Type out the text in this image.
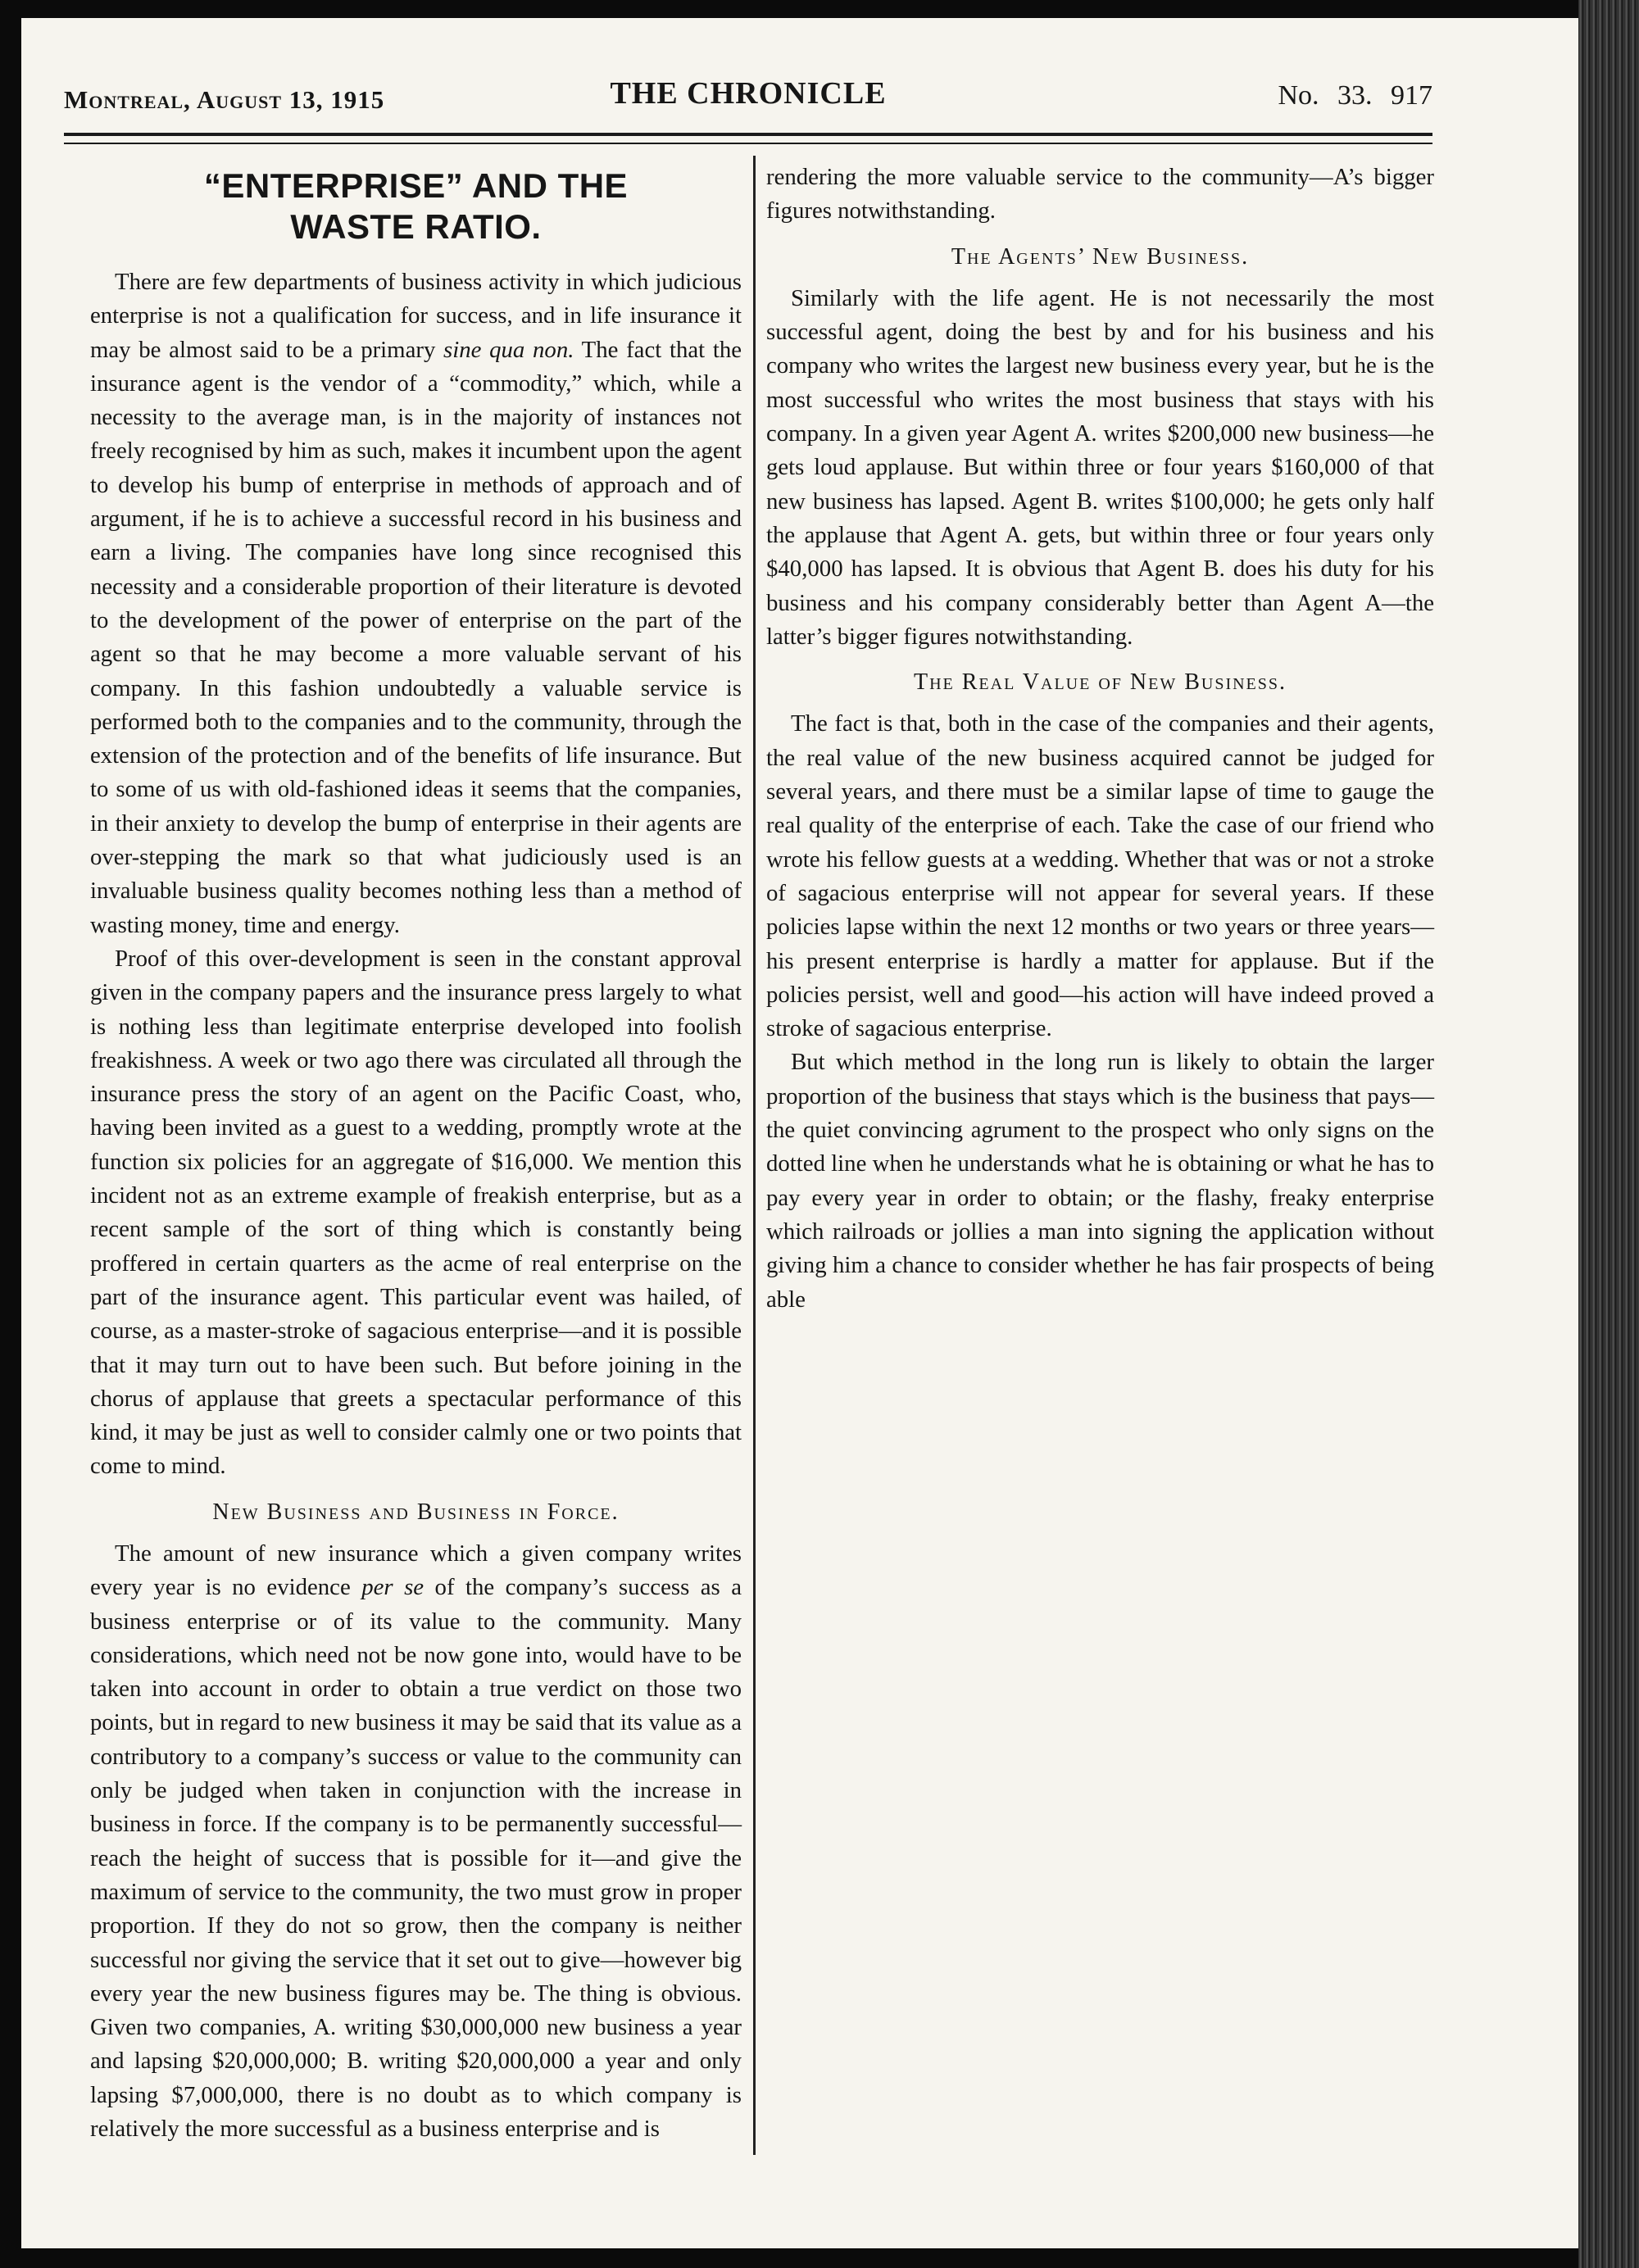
Montreal, August 13, 1915	THE CHRONICLE	No. 33. 917
“ENTERPRISE” AND THE
WASTE RATIO.

There are few departments of business activity in which judicious enterprise is not a qualification for success, and in life insurance it may be almost said to be a primary sine qua non. The fact that the insurance agent is the vendor of a “commodity,” which, while a necessity to the average man, is in the majority of instances not freely recognised by him as such, makes it incumbent upon the agent to develop his bump of enterprise in methods of approach and of argument, if he is to achieve a successful record in his business and earn a living. The companies have long since recognised this necessity and a considerable proportion of their literature is devoted to the development of the power of enterprise on the part of the agent so that he may become a more valuable servant of his company. In this fashion undoubtedly a valuable service is performed both to the companies and to the community, through the extension of the protection and of the benefits of life insurance. But to some of us with old-fashioned ideas it seems that the companies, in their anxiety to develop the bump of enterprise in their agents are over-stepping the mark so that what judiciously used is an invaluable business quality becomes nothing less than a method of wasting money, time and energy.

Proof of this over-development is seen in the constant approval given in the company papers and the insurance press largely to what is nothing less than legitimate enterprise developed into foolish freakishness. A week or two ago there was circulated all through the insurance press the story of an agent on the Pacific Coast, who, having been invited as a guest to a wedding, promptly wrote at the function six policies for an aggregate of $16,000. We mention this incident not as an extreme example of freakish enterprise, but as a recent sample of the sort of thing which is constantly being proffered in certain quarters as the acme of real enterprise on the part of the insurance agent. This particular event was hailed, of course, as a master-stroke of sagacious enterprise—and it is possible that it may turn out to have been such. But before joining in the chorus of applause that greets a spectacular performance of this kind, it may be just as well to consider calmly one or two points that come to mind.

New Business and Business in Force.

The amount of new insurance which a given company writes every year is no evidence per se of the company’s success as a business enterprise or of its value to the community. Many considerations, which need not be now gone into, would have to be taken into account in order to obtain a true verdict on those two points, but in regard to new business it may be said that its value as a contributory to a company’s success or value to the community can only be judged when taken in conjunction with the increase in business in force. If the company is to be permanently successful—reach the height of success that is possible for it—and give the maximum of service to the community, the two must grow in proper proportion. If they do not so grow, then the company is neither successful nor giving the service that it set out to give—however big every year the new business figures may be. The thing is obvious. Given two companies, A. writing $30,000,000 new business a year and lapsing $20,000,000; B. writing $20,000,000 a year and only lapsing $7,000,000, there is no doubt as to which company is relatively the more successful as a business enterprise and is

rendering the more valuable service to the community—A’s bigger figures notwithstanding.

The Agents’ New Business.

Similarly with the life agent. He is not necessarily the most successful agent, doing the best by and for his business and his company who writes the largest new business every year, but he is the most successful who writes the most business that stays with his company. In a given year Agent A. writes $200,000 new business—he gets loud applause. But within three or four years $160,000 of that new business has lapsed. Agent B. writes $100,000; he gets only half the applause that Agent A. gets, but within three or four years only $40,000 has lapsed. It is obvious that Agent B. does his duty for his business and his company considerably better than Agent A—the latter’s bigger figures notwithstanding.

The Real Value of New Business.

The fact is that, both in the case of the companies and their agents, the real value of the new business acquired cannot be judged for several years, and there must be a similar lapse of time to gauge the real quality of the enterprise of each. Take the case of our friend who wrote his fellow guests at a wedding. Whether that was or not a stroke of sagacious enterprise will not appear for several years. If these policies lapse within the next 12 months or two years or three years—his present enterprise is hardly a matter for applause. But if the policies persist, well and good—his action will have indeed proved a stroke of sagacious enterprise.

But which method in the long run is likely to obtain the larger proportion of the business that stays which is the business that pays—the quiet convincing agrument to the prospect who only signs on the dotted line when he understands what he is obtaining or what he has to pay every year in order to obtain; or the flashy, freaky enterprise which railroads or jollies a man into signing the application without giving him a chance to consider whether he has fair prospects of being able
